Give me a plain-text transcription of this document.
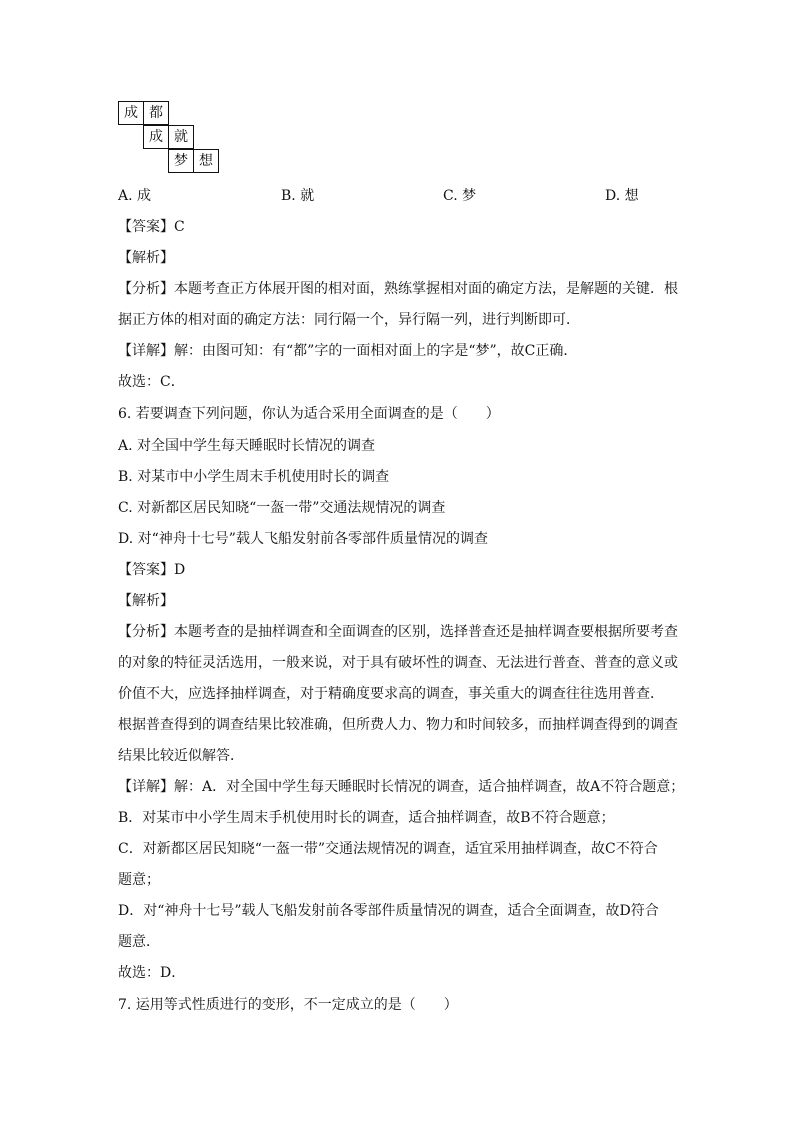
成 都
成 就
梦 想
A. 成	B. 就	C. 梦	D. 想
【答案】C
【解析】
【分析】本题考查正方体展开图的相对面，熟练掌握相对面的确定方法，是解题的关键．根
据正方体的相对面的确定方法：同行隔一个，异行隔一列，进行判断即可．
【详解】解：由图可知：有“都”字的一面相对面上的字是“梦”，故C正确．
故选：C．
6. 若要调查下列问题，你认为适合采用全面调查的是（　　）
A. 对全国中学生每天睡眠时长情况的调查
B. 对某市中小学生周末手机使用时长的调查
C. 对新都区居民知晓“一盔一带”交通法规情况的调查
D. 对“神舟十七号”载人飞船发射前各零部件质量情况的调查
【答案】D
【解析】
【分析】本题考查的是抽样调查和全面调查的区别，选择普查还是抽样调查要根据所要考查
的对象的特征灵活选用，一般来说，对于具有破坏性的调查、无法进行普查、普查的意义或
价值不大，应选择抽样调查，对于精确度要求高的调查，事关重大的调查往往选用普查．
根据普查得到的调查结果比较准确，但所费人力、物力和时间较多，而抽样调查得到的调查
结果比较近似解答．
【详解】解：A．对全国中学生每天睡眠时长情况的调查，适合抽样调查，故A不符合题意；
B．对某市中小学生周末手机使用时长的调查，适合抽样调查，故B不符合题意；
C．对新都区居民知晓“一盔一带”交通法规情况的调查，适宜采用抽样调查，故C不符合
题意；
D．对“神舟十七号”载人飞船发射前各零部件质量情况的调查，适合全面调查，故D符合
题意．
故选：D．
7. 运用等式性质进行的变形，不一定成立的是（　　）
